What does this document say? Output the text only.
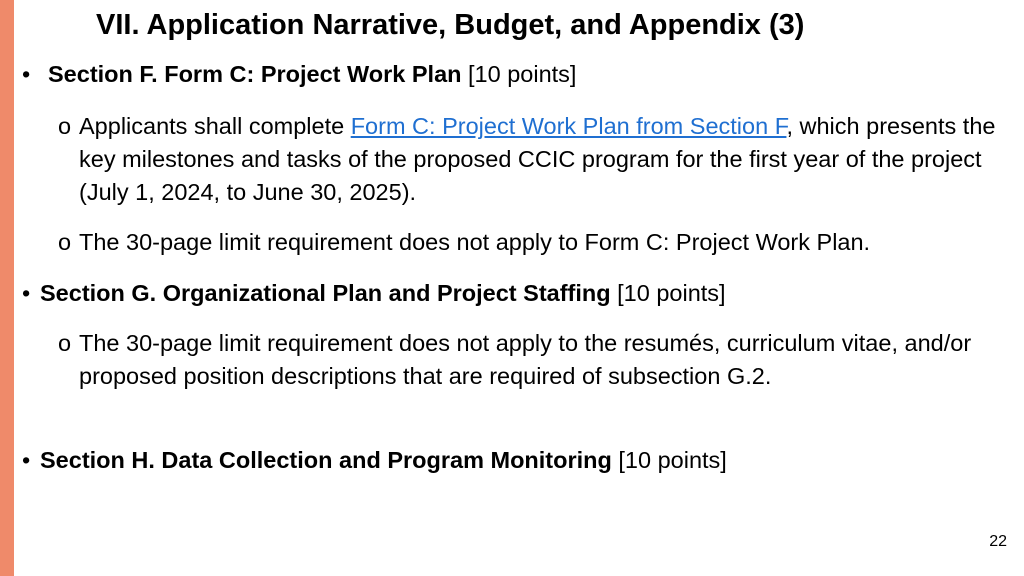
VII. Application Narrative, Budget, and Appendix (3)
• Section F. Form C: Project Work Plan [10 points]
o Applicants shall complete Form C: Project Work Plan from Section F, which presents the key milestones and tasks of the proposed CCIC program for the first year of the project (July 1, 2024, to June 30, 2025).
o The 30-page limit requirement does not apply to Form C: Project Work Plan.
• Section G. Organizational Plan and Project Staffing [10 points]
o The 30-page limit requirement does not apply to the resumés, curriculum vitae, and/or proposed position descriptions that are required of subsection G.2.
• Section H. Data Collection and Program Monitoring [10 points]
22
